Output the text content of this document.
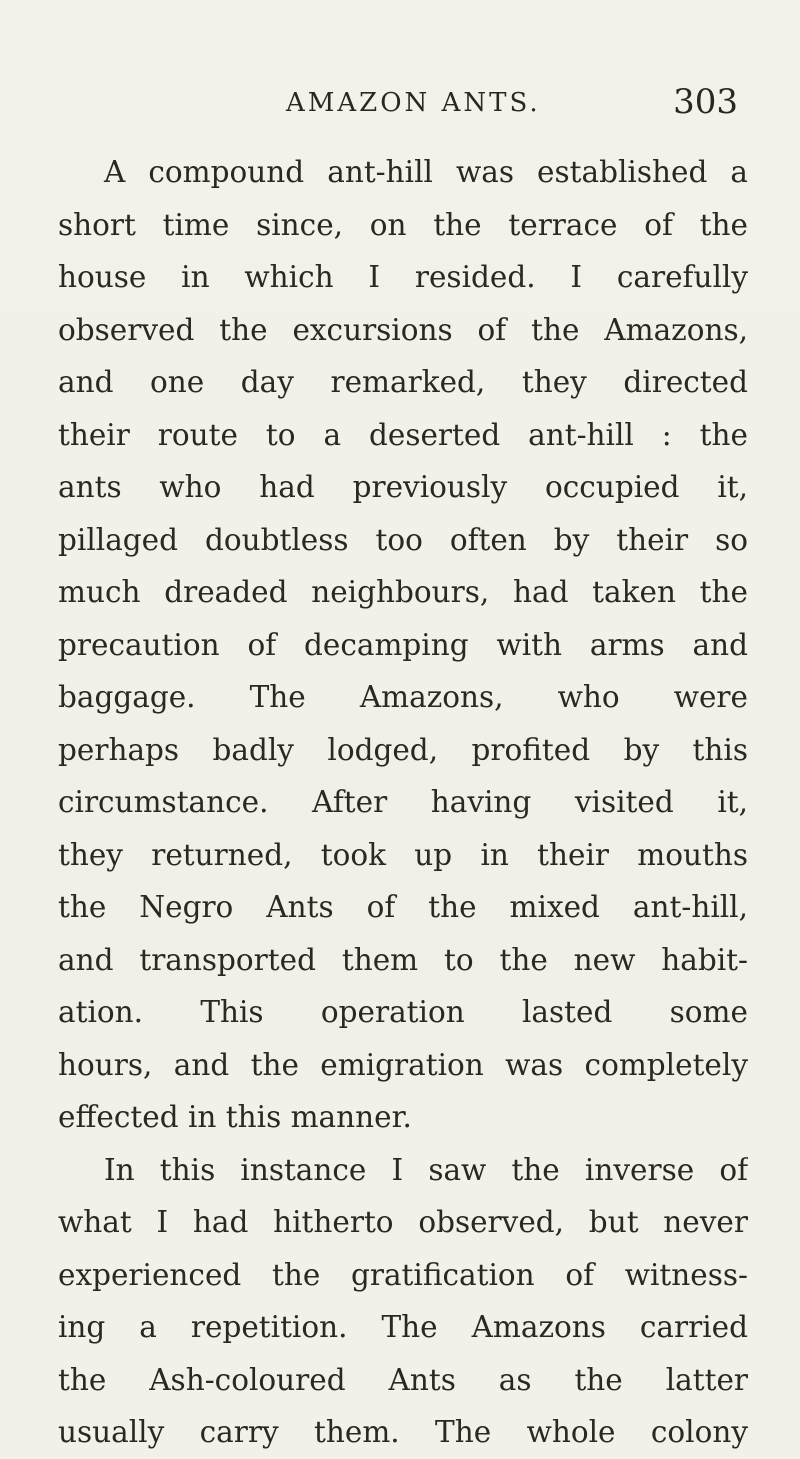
AMAZON ANTS.	303
A compound ant-hill was established a
short time since, on the terrace of the
house in which I resided. I carefully
observed the excursions of the Amazons,
and one day remarked, they directed
their route to a deserted ant-hill : the
ants who had previously occupied it,
pillaged doubtless too often by their so
much dreaded neighbours, had taken the
precaution of decamping with arms and
baggage. The Amazons, who were
perhaps badly lodged, profited by this
circumstance. After having visited it,
they returned, took up in their mouths
the Negro Ants of the mixed ant-hill,
and transported them to the new habit-
ation. This operation lasted some
hours, and the emigration was completely
effected in this manner.
In this instance I saw the inverse of
what I had hitherto observed, but never
experienced the gratification of witness-
ing a repetition. The Amazons carried
the Ash-coloured Ants as the latter
usually carry them. The whole colony
